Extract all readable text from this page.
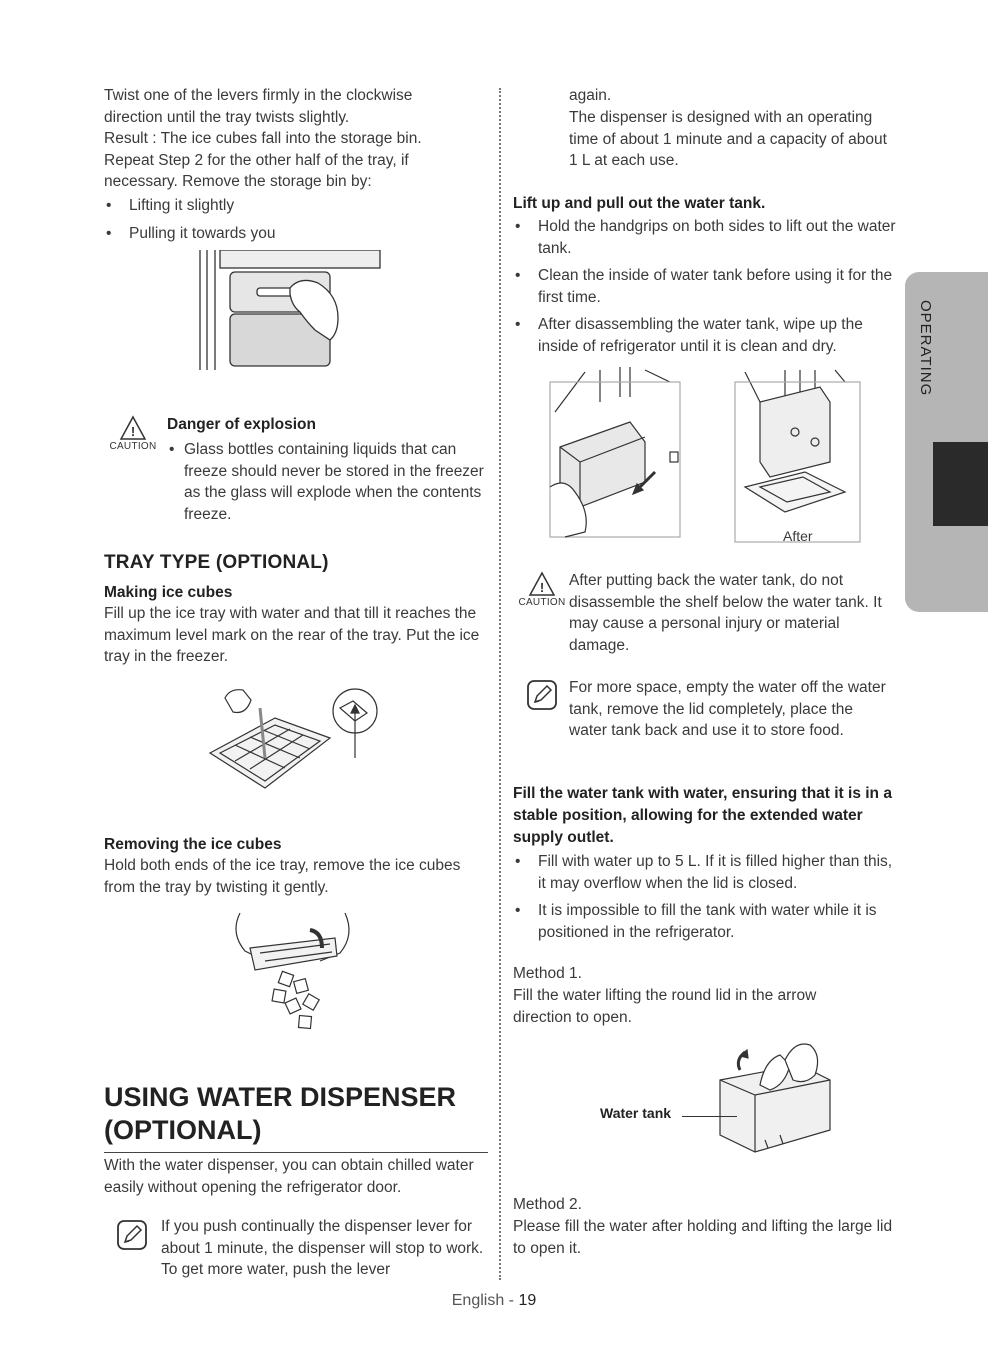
OPERATING

Twist one of the levers firmly in the clockwise

direction until the tray twists slightly.

Result : The ice cubes fall into the storage bin.

Repeat Step 2 for the other half of the tray, if

necessary. Remove the storage bin by:

• Lifting it slightly
• Pulling it towards you
!
CAUTION

Danger of explosion

• Glass bottles containing liquids that can freeze should never be stored in the freezer as the glass will explode when the contents freeze.
TRAY TYPE (OPTIONAL)

Making ice cubes

Fill up the ice tray with water and that till it reaches the maximum level mark on the rear of the tray. Put the ice tray in the freezer.

Removing the ice cubes

Hold both ends of the ice tray, remove the ice cubes from the tray by twisting it gently.

USING WATER DISPENSER
(OPTIONAL)

With the water dispenser, you can obtain chilled water easily without opening the refrigerator door.

If you push continually the dispenser lever for about 1 minute, the dispenser will stop to work. To get more water, push the lever

again.

The dispenser is designed with an operating time of about 1 minute and a capacity of about 1 L at each use.

Lift up and pull out the water tank.

• Hold the handgrips on both sides to lift out the water tank.
• Clean the inside of water tank before using it for the first time.
• After disassembling the water tank, wipe up the inside of refrigerator until it is clean and dry.

After

!
CAUTION

After putting back the water tank, do not disassemble the shelf below the water tank. It may cause a personal injury or material damage.

For more space, empty the water off the water tank, remove the lid completely, place the water tank back and use it to store food.

Fill the water tank with water, ensuring that it is in a stable position, allowing for the extended water supply outlet.

• Fill with water up to 5 L. If it is filled higher than this, it may overflow when the lid is closed.
• It is impossible to fill the tank with water while it is positioned in the refrigerator.

Method 1.

Fill the water lifting the round lid in the arrow direction to open.

Water tank

Method 2.

Please fill the water after holding and lifting the large lid to open it.

English - 19
